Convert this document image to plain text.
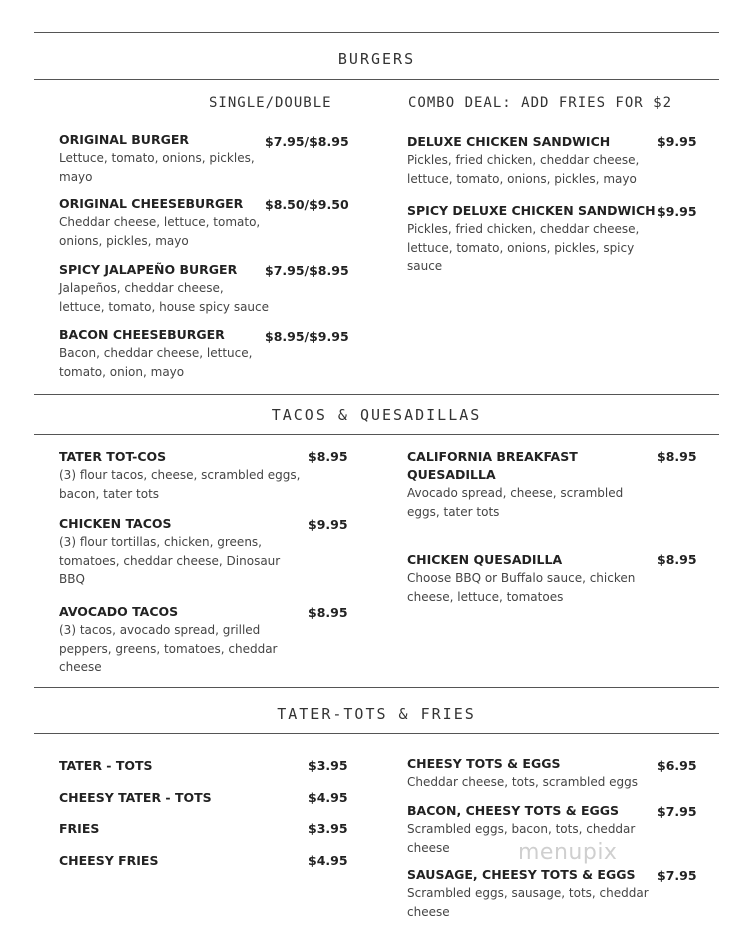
BURGERS
SINGLE/DOUBLE	COMBO DEAL: ADD FRIES FOR $2
ORIGINAL BURGER
Lettuce, tomato, onions, pickles,
mayo
$7.95/$8.95
ORIGINAL CHEESEBURGER
Cheddar cheese, lettuce, tomato,
onions, pickles, mayo
$8.50/$9.50
SPICY JALAPEÑO BURGER
Jalapeños, cheddar cheese,
lettuce, tomato, house spicy sauce
$7.95/$8.95
BACON CHEESEBURGER
Bacon, cheddar cheese, lettuce,
tomato, onion, mayo
$8.95/$9.95
DELUXE CHICKEN SANDWICH
Pickles, fried chicken, cheddar cheese,
lettuce, tomato, onions, pickles, mayo
$9.95
SPICY DELUXE CHICKEN SANDWICH
Pickles, fried chicken, cheddar cheese,
lettuce, tomato, onions, pickles, spicy
sauce
$9.95
TACOS & QUESADILLAS
TATER TOT-COS
(3) flour tacos, cheese, scrambled eggs,
bacon, tater tots
$8.95
CHICKEN TACOS
(3) flour tortillas, chicken, greens,
tomatoes, cheddar cheese, Dinosaur
BBQ
$9.95
AVOCADO TACOS
(3) tacos, avocado spread, grilled
peppers, greens, tomatoes, cheddar
cheese
$8.95
CALIFORNIA BREAKFAST
QUESADILLA
Avocado spread, cheese, scrambled
eggs, tater tots
$8.95
CHICKEN QUESADILLA
Choose BBQ or Buffalo sauce, chicken
cheese, lettuce, tomatoes
$8.95
TATER-TOTS & FRIES
TATER - TOTS	$3.95
CHEESY TATER - TOTS	$4.95
FRIES	$3.95
CHEESY FRIES	$4.95
CHEESY TOTS & EGGS
Cheddar cheese, tots, scrambled eggs
$6.95
BACON, CHEESY TOTS & EGGS
Scrambled eggs, bacon, tots, cheddar
cheese
$7.95
SAUSAGE, CHEESY TOTS & EGGS
Scrambled eggs, sausage, tots, cheddar
cheese
$7.95
menupix
